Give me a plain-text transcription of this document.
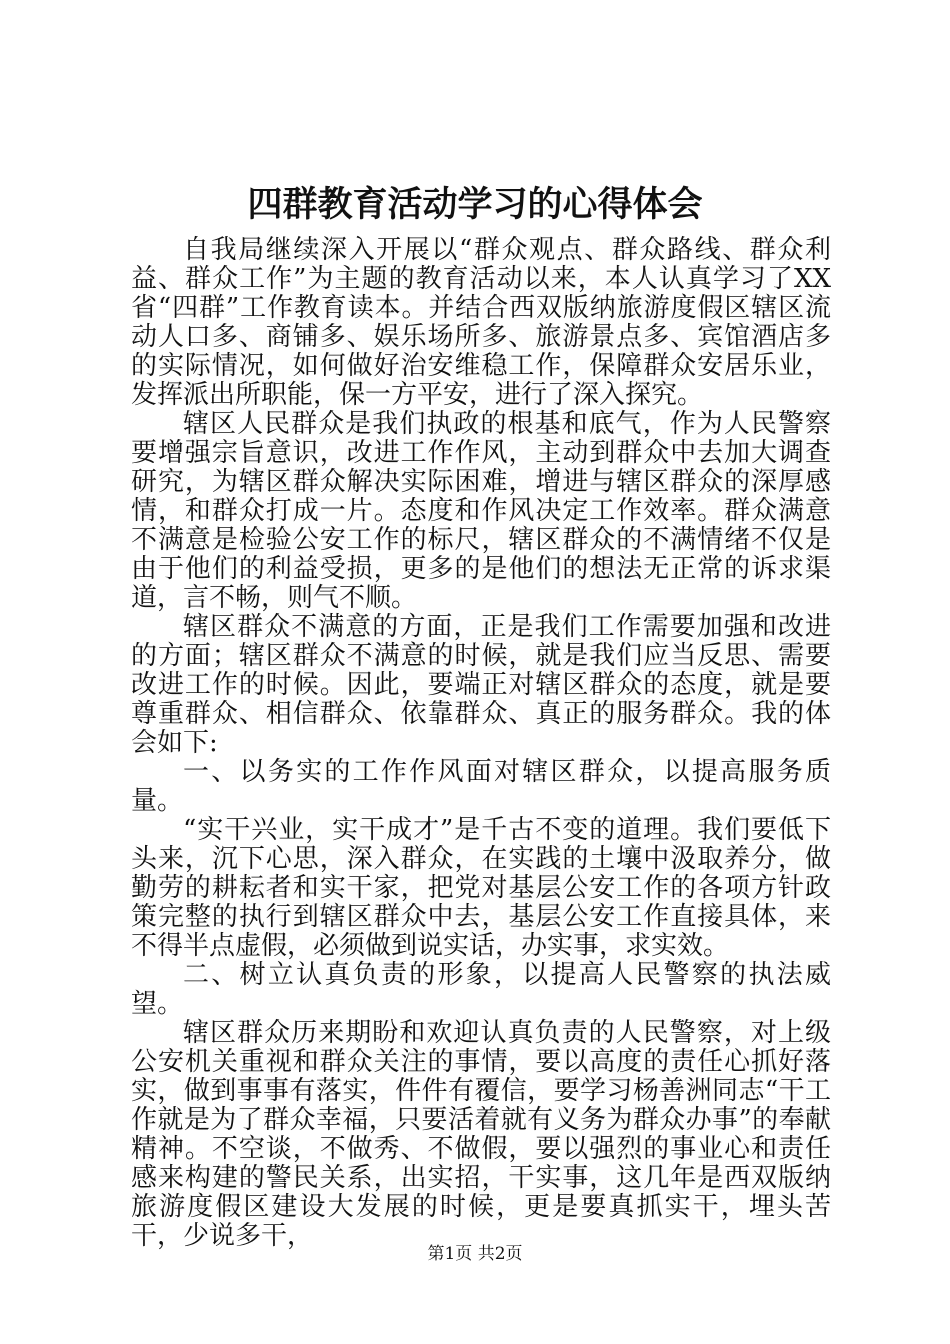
四群教育活动学习的心得体会

自我局继续深入开展以“群众观点、群众路线、群众利益、群众工作”为主题的教育活动以来，本人认真学习了XX省“四群”工作教育读本。并结合西双版纳旅游度假区辖区流动人口多、商铺多、娱乐场所多、旅游景点多、宾馆酒店多的实际情况，如何做好治安维稳工作，保障群众安居乐业，发挥派出所职能，保一方平安，进行了深入探究。

辖区人民群众是我们执政的根基和底气，作为人民警察要增强宗旨意识，改进工作作风，主动到群众中去加大调查研究，为辖区群众解决实际困难，增进与辖区群众的深厚感情，和群众打成一片。态度和作风决定工作效率。群众满意不满意是检验公安工作的标尺，辖区群众的不满情绪不仅是由于他们的利益受损，更多的是他们的想法无正常的诉求渠道，言不畅，则气不顺。

辖区群众不满意的方面，正是我们工作需要加强和改进的方面；辖区群众不满意的时候，就是我们应当反思、需要改进工作的时候。因此，要端正对辖区群众的态度，就是要尊重群众、相信群众、依靠群众、真正的服务群众。我的体会如下:

一、以务实的工作作风面对辖区群众，以提高服务质量。

“实干兴业，实干成才”是千古不变的道理。我们要低下头来，沉下心思，深入群众，在实践的土壤中汲取养分，做勤劳的耕耘者和实干家，把党对基层公安工作的各项方针政策完整的执行到辖区群众中去，基层公安工作直接具体，来不得半点虚假，必须做到说实话，办实事，求实效。

二、树立认真负责的形象，以提高人民警察的执法威望。

辖区群众历来期盼和欢迎认真负责的人民警察，对上级公安机关重视和群众关注的事情，要以高度的责任心抓好落实，做到事事有落实，件件有覆信，要学习杨善洲同志“干工作就是为了群众幸福，只要活着就有义务为群众办事”的奉献精神。不空谈，不做秀、不做假，要以强烈的事业心和责任感来构建的警民关系，出实招，干实事，这几年是西双版纳旅游度假区建设大发展的时候，更是要真抓实干，埋头苦干，少说多干，

第1页 共2页
